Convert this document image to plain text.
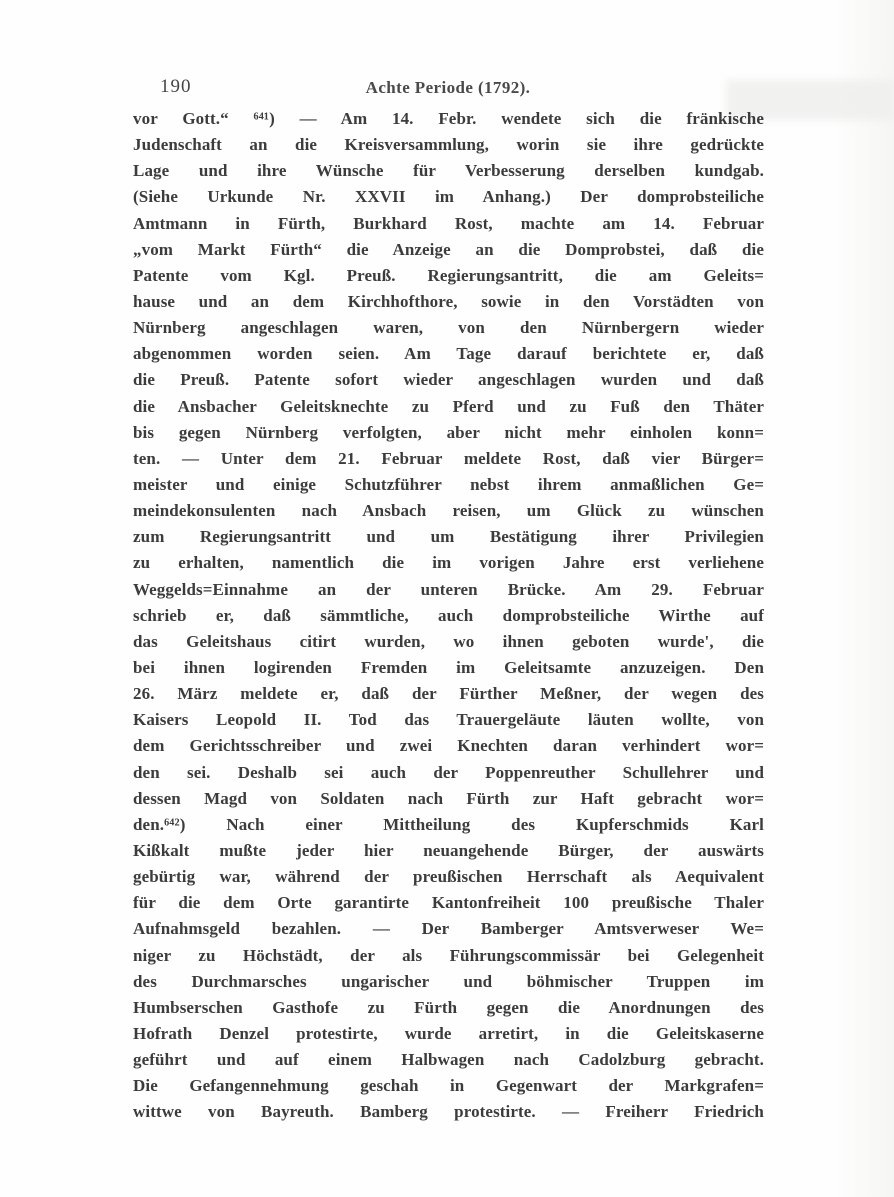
190	Achte Periode (1792).
vor Gott.“ ⁶⁴¹) — Am 14. Febr. wendete sich die fränkische
Judenschaft an die Kreisversammlung, worin sie ihre gedrückte
Lage und ihre Wünsche für Verbesserung derselben kundgab.
(Siehe Urkunde Nr. XXVII im Anhang.) Der domprobsteiliche
Amtmann in Fürth, Burkhard Rost, machte am 14. Februar
„vom Markt Fürth“ die Anzeige an die Domprobstei, daß die
Patente vom Kgl. Preuß. Regierungsantritt, die am Geleits=
hause und an dem Kirchhofthore, sowie in den Vorstädten von
Nürnberg angeschlagen waren, von den Nürnbergern wieder
abgenommen worden seien. Am Tage darauf berichtete er, daß
die Preuß. Patente sofort wieder angeschlagen wurden und daß
die Ansbacher Geleitsknechte zu Pferd und zu Fuß den Thäter
bis gegen Nürnberg verfolgten, aber nicht mehr einholen konn=
ten. — Unter dem 21. Februar meldete Rost, daß vier Bürger=
meister und einige Schutzführer nebst ihrem anmaßlichen Ge=
meindekonsulenten nach Ansbach reisen, um Glück zu wünschen
zum Regierungsantritt und um Bestätigung ihrer Privilegien
zu erhalten, namentlich die im vorigen Jahre erst verliehene
Weggelds=Einnahme an der unteren Brücke. Am 29. Februar
schrieb er, daß sämmtliche, auch domprobsteiliche Wirthe auf
das Geleitshaus citirt wurden, wo ihnen geboten wurde', die
bei ihnen logirenden Fremden im Geleitsamte anzuzeigen. Den
26. März meldete er, daß der Fürther Meßner, der wegen des
Kaisers Leopold II. Tod das Trauergeläute läuten wollte, von
dem Gerichtsschreiber und zwei Knechten daran verhindert wor=
den sei. Deshalb sei auch der Poppenreuther Schullehrer und
dessen Magd von Soldaten nach Fürth zur Haft gebracht wor=
den.⁶⁴²) Nach einer Mittheilung des Kupferschmids Karl
Kißkalt mußte jeder hier neuangehende Bürger, der auswärts
gebürtig war, während der preußischen Herrschaft als Aequivalent
für die dem Orte garantirte Kantonfreiheit 100 preußische Thaler
Aufnahmsgeld bezahlen. — Der Bamberger Amtsverweser We=
niger zu Höchstädt, der als Führungscommissär bei Gelegenheit
des Durchmarsches ungarischer und böhmischer Truppen im
Humbserschen Gasthofe zu Fürth gegen die Anordnungen des
Hofrath Denzel protestirte, wurde arretirt, in die Geleitskaserne
geführt und auf einem Halbwagen nach Cadolzburg gebracht.
Die Gefangennehmung geschah in Gegenwart der Markgrafen=
wittwe von Bayreuth. Bamberg protestirte. — Freiherr Friedrich
